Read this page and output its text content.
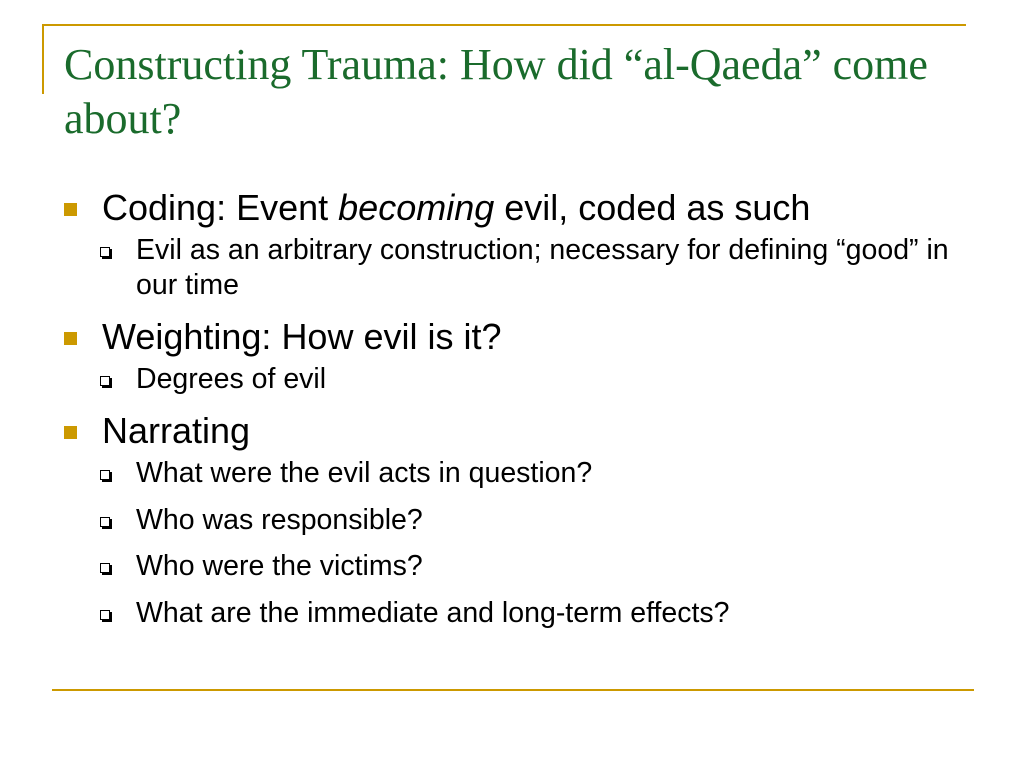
Constructing Trauma: How did “al-Qaeda” come about?
Coding: Event becoming evil, coded as such
Evil as an arbitrary construction; necessary for defining “good” in our time
Weighting: How evil is it?
Degrees of evil
Narrating
What were the evil acts in question?
Who was responsible?
Who were the victims?
What are the immediate and long-term effects?
